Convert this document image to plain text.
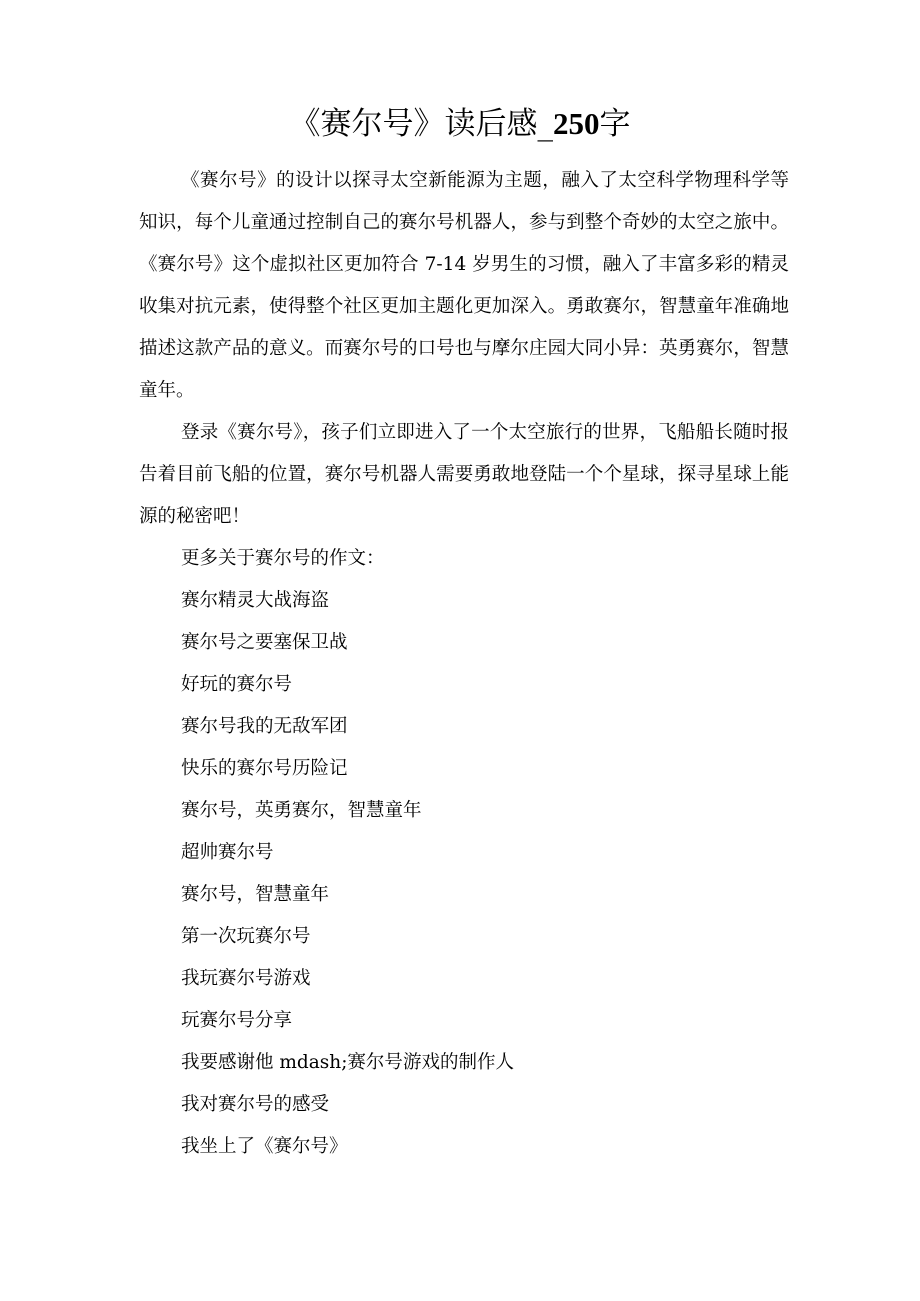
《赛尔号》读后感_250字

《赛尔号》的设计以探寻太空新能源为主题，融入了太空科学物理科学等知识，每个儿童通过控制自己的赛尔号机器人，参与到整个奇妙的太空之旅中。《赛尔号》这个虚拟社区更加符合 7-14 岁男生的习惯，融入了丰富多彩的精灵收集对抗元素，使得整个社区更加主题化更加深入。勇敢赛尔，智慧童年准确地描述这款产品的意义。而赛尔号的口号也与摩尔庄园大同小异：英勇赛尔，智慧童年。

登录《赛尔号》，孩子们立即进入了一个太空旅行的世界，飞船船长随时报告着目前飞船的位置，赛尔号机器人需要勇敢地登陆一个个星球，探寻星球上能源的秘密吧！

更多关于赛尔号的作文：

赛尔精灵大战海盗
赛尔号之要塞保卫战
好玩的赛尔号
赛尔号我的无敌军团
快乐的赛尔号历险记
赛尔号，英勇赛尔，智慧童年
超帅赛尔号
赛尔号，智慧童年
第一次玩赛尔号
我玩赛尔号游戏
玩赛尔号分享
我要感谢他 mdash;赛尔号游戏的制作人
我对赛尔号的感受
我坐上了《赛尔号》
